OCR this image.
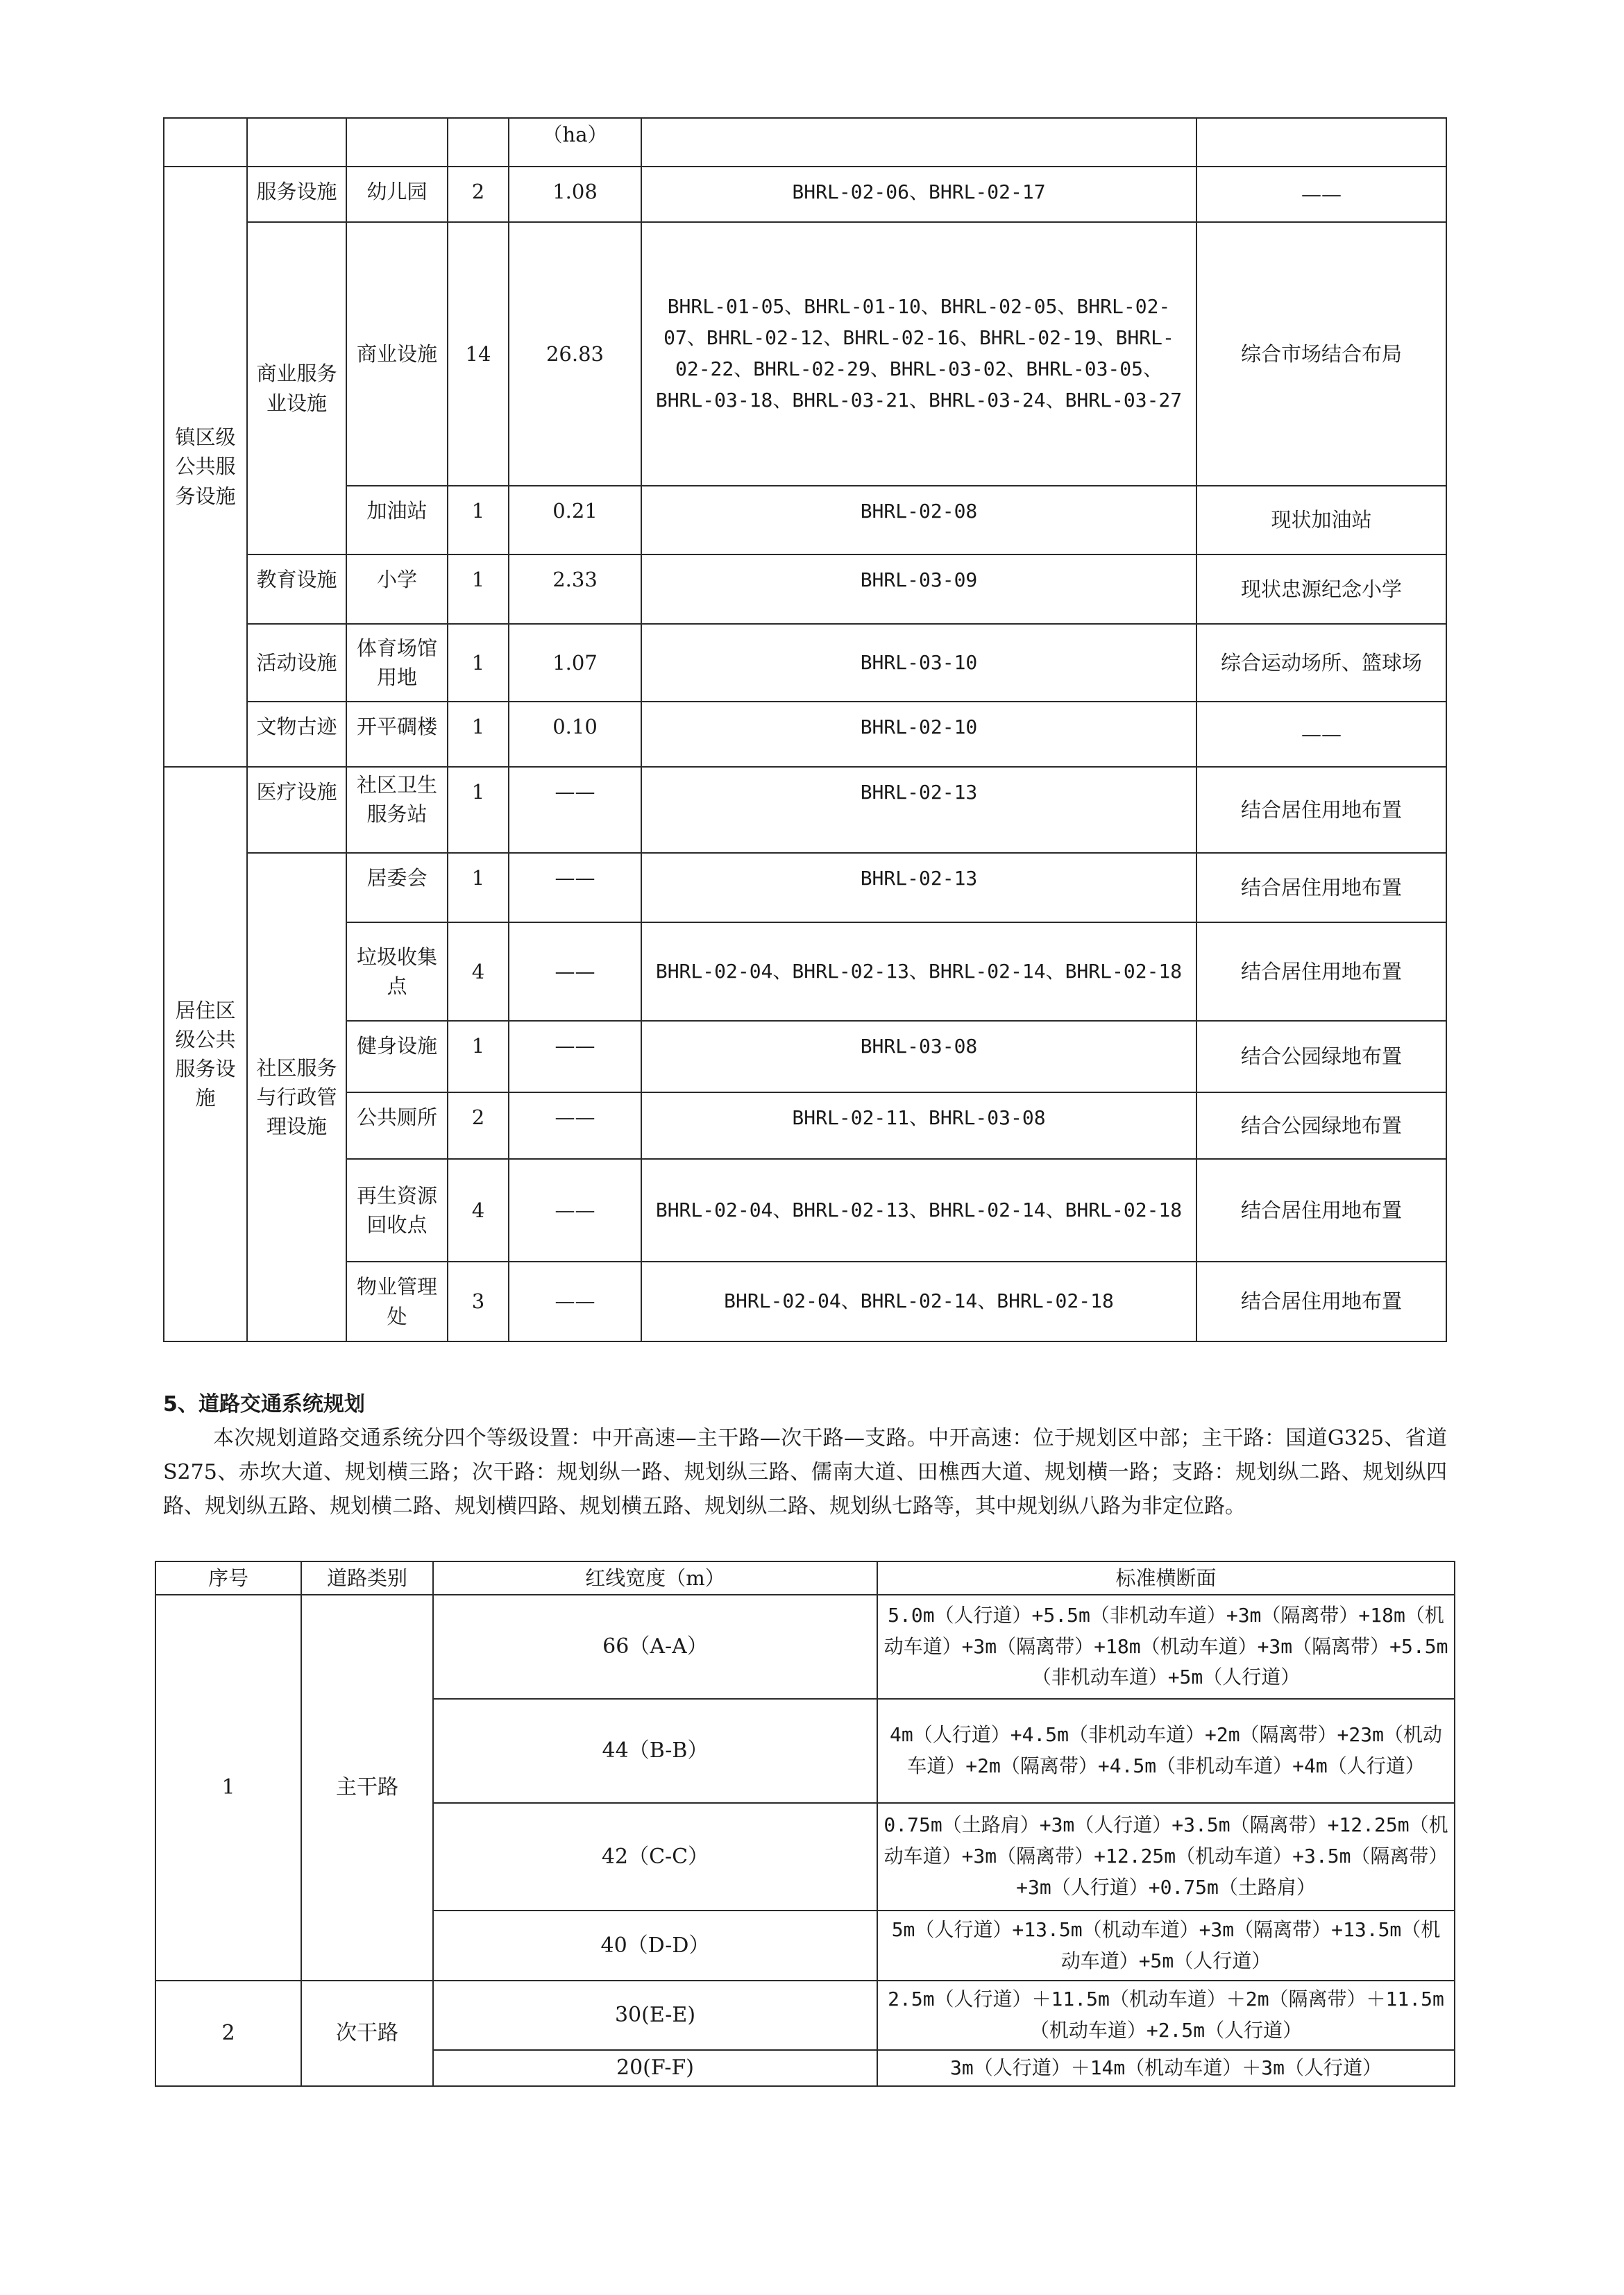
				（ha）		
镇区级公共服务设施	服务设施	幼儿园	2	1.08	BHRL-02-06、BHRL-02-17	——
	商业服务业设施	商业设施	14	26.83	BHRL-01-05、BHRL-01-10、BHRL-02-05、BHRL-02-07、BHRL-02-12、BHRL-02-16、BHRL-02-19、BHRL-02-22、BHRL-02-29、BHRL-03-02、BHRL-03-05、BHRL-03-18、BHRL-03-21、BHRL-03-24、BHRL-03-27	综合市场结合布局
		加油站	1	0.21	BHRL-02-08	现状加油站
	教育设施	小学	1	2.33	BHRL-03-09	现状忠源纪念小学
	活动设施	体育场馆用地	1	1.07	BHRL-03-10	综合运动场所、篮球场
	文物古迹	开平碉楼	1	0.10	BHRL-02-10	——
居住区级公共服务设施	医疗设施	社区卫生服务站	1	——	BHRL-02-13	结合居住用地布置
	社区服务与行政管理设施	居委会	1	——	BHRL-02-13	结合居住用地布置
		垃圾收集点	4	——	BHRL-02-04、BHRL-02-13、BHRL-02-14、BHRL-02-18	结合居住用地布置
		健身设施	1	——	BHRL-03-08	结合公园绿地布置
		公共厕所	2	——	BHRL-02-11、BHRL-03-08	结合公园绿地布置
		再生资源回收点	4	——	BHRL-02-04、BHRL-02-13、BHRL-02-14、BHRL-02-18	结合居住用地布置
		物业管理处	3	——	BHRL-02-04、BHRL-02-14、BHRL-02-18	结合居住用地布置
5、道路交通系统规划

本次规划道路交通系统分四个等级设置：中开高速—主干路—次干路—支路。中开高速：位于规划区中部；主干路：国道G325、省道S275、赤坎大道、规划横三路；次干路：规划纵一路、规划纵三路、儒南大道、田樵西大道、规划横一路；支路：规划纵二路、规划纵四路、规划纵五路、规划横二路、规划横四路、规划横五路、规划纵二路、规划纵七路等，其中规划纵八路为非定位路。

序号	道路类别	红线宽度（m）	标准横断面
1	主干路	66（A-A）	5.0m（人行道）+5.5m（非机动车道）+3m（隔离带）+18m（机动车道）+3m（隔离带）+18m（机动车道）+3m（隔离带）+5.5m（非机动车道）+5m（人行道）
		44（B-B）	4m（人行道）+4.5m（非机动车道）+2m（隔离带）+23m（机动车道）+2m（隔离带）+4.5m（非机动车道）+4m（人行道）
		42（C-C）	0.75m（土路肩）+3m（人行道）+3.5m（隔离带）+12.25m（机动车道）+3m（隔离带）+12.25m（机动车道）+3.5m（隔离带）+3m（人行道）+0.75m（土路肩）
		40（D-D）	5m（人行道）+13.5m（机动车道）+3m（隔离带）+13.5m（机动车道）+5m（人行道）
2	次干路	30(E-E)	2.5m（人行道）＋11.5m（机动车道）＋2m（隔离带）＋11.5m（机动车道）+2.5m（人行道）
		20(F-F)	3m（人行道）＋14m（机动车道）＋3m（人行道）
